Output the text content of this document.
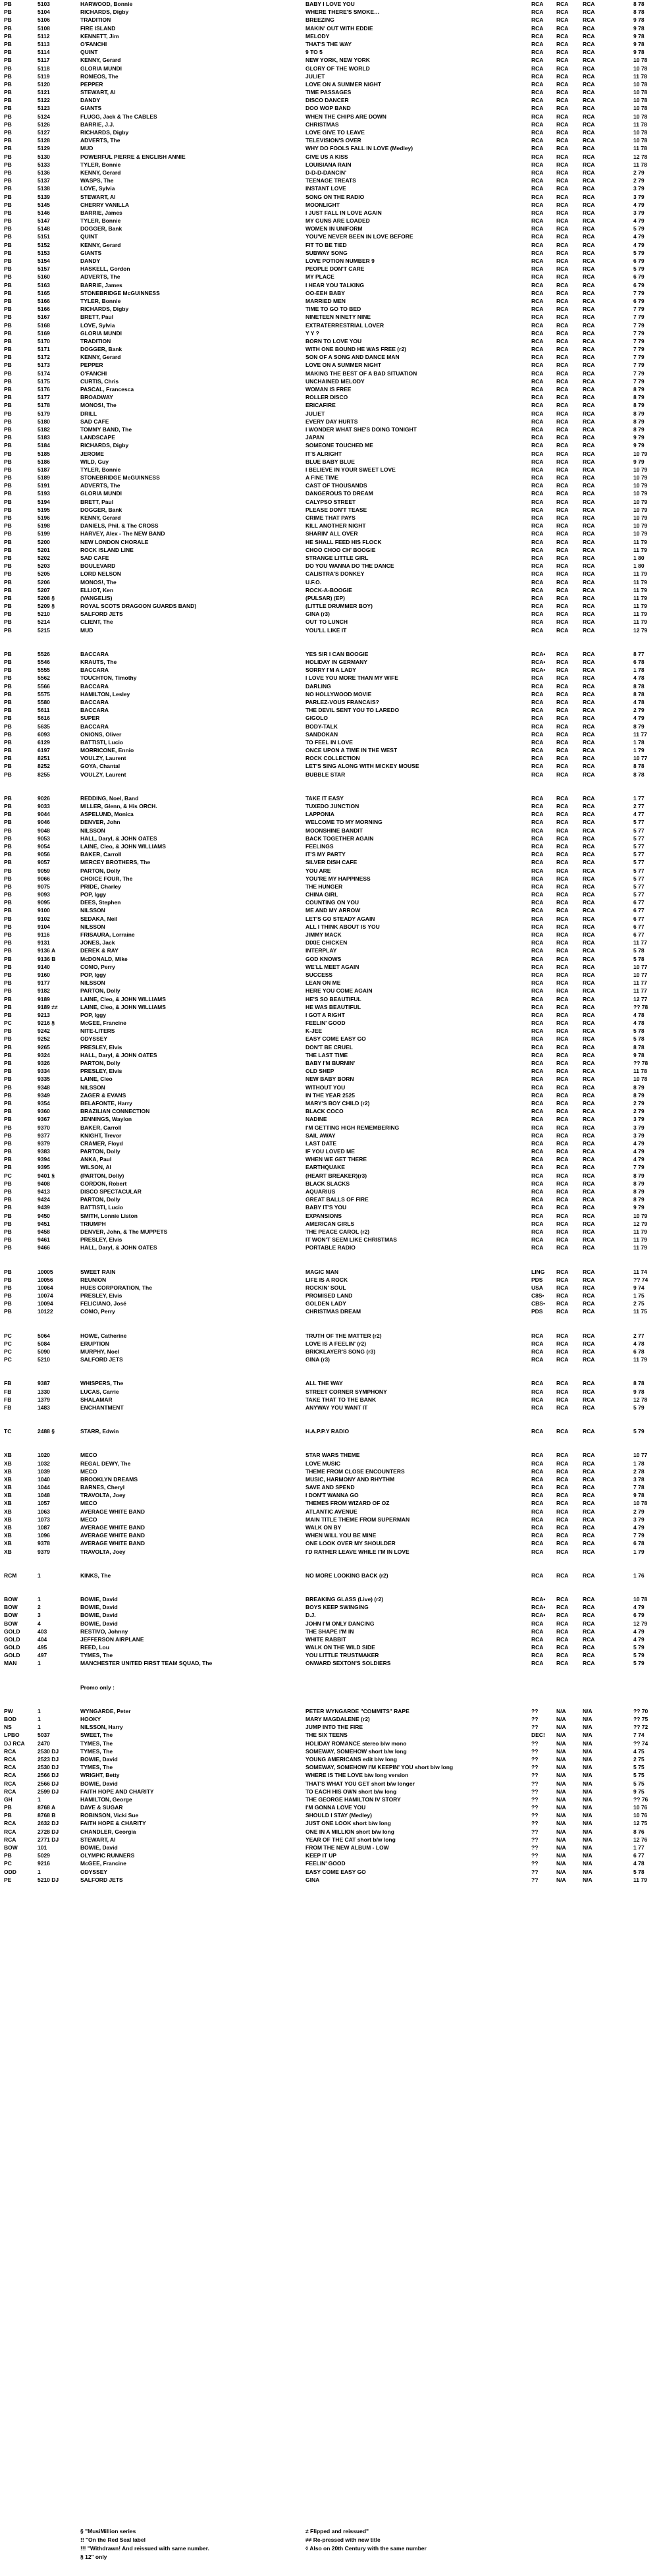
PB	5103	HARWOOD, Bonnie	BABY I LOVE YOU	RCA	RCA	RCA	8 78
PB	5104	RICHARDS, Digby	WHERE THERE'S SMOKE…	RCA	RCA	RCA	8 78
PB	5106	TRADITION	BREEZING	RCA	RCA	RCA	9 78
PB	5108	FIRE ISLAND	MAKIN' OUT WITH EDDIE	RCA	RCA	RCA	9 78
PB	5112	KENNETT, Jim	MELODY	RCA	RCA	RCA	9 78
PB	5113	O'FANCHI	THAT'S THE WAY	RCA	RCA	RCA	9 78
PB	5114	QUINT	9 TO 5	RCA	RCA	RCA	9 78
PB	5117	KENNY, Gerard	NEW YORK, NEW YORK	RCA	RCA	RCA	10 78
PB	5118	GLORIA MUNDI	GLORY OF THE WORLD	RCA	RCA	RCA	10 78
PB	5119	ROMEOS, The	JULIET	RCA	RCA	RCA	11 78
PB	5120	PEPPER	LOVE ON A SUMMER NIGHT	RCA	RCA	RCA	10 78
PB	5121	STEWART, Al	TIME PASSAGES	RCA	RCA	RCA	10 78
PB	5122	DANDY	DISCO DANCER	RCA	RCA	RCA	10 78
PB	5123	GIANTS	DOO WOP BAND	RCA	RCA	RCA	10 78
PB	5124	FLUGG, Jack & The CABLES	WHEN THE CHIPS ARE DOWN	RCA	RCA	RCA	10 78
PB	5126	BARRIE, J.J.	CHRISTMAS	RCA	RCA	RCA	11 78
PB	5127	RICHARDS, Digby	LOVE GIVE TO LEAVE	RCA	RCA	RCA	10 78
PB	5128	ADVERTS, The	TELEVISION'S OVER	RCA	RCA	RCA	10 78
PB	5129	MUD	WHY DO FOOLS FALL IN LOVE (Medley)	RCA	RCA	RCA	11 78
PB	5130	POWERFUL PIERRE & ENGLISH ANNIE	GIVE US A KISS	RCA	RCA	RCA	12 78
PB	5133	TYLER, Bonnie	LOUISIANA RAIN	RCA	RCA	RCA	11 78
PB	5136	KENNY, Gerard	D-D-D-DANCIN'	RCA	RCA	RCA	2 79
PB	5137	WASPS, The	TEENAGE TREATS	RCA	RCA	RCA	2 79
PB	5138	LOVE, Sylvia	INSTANT LOVE	RCA	RCA	RCA	3 79
PB	5139	STEWART, Al	SONG ON THE RADIO	RCA	RCA	RCA	3 79
PB	5145	CHERRY VANILLA	MOONLIGHT	RCA	RCA	RCA	4 79
PB	5146	BARRIE, James	I JUST FALL IN LOVE AGAIN	RCA	RCA	RCA	3 79
PB	5147	TYLER, Bonnie	MY GUNS ARE LOADED	RCA	RCA	RCA	4 79
PB	5148	DOGGER, Bank	WOMEN IN UNIFORM	RCA	RCA	RCA	5 79
PB	5151	QUINT	YOU'VE NEVER BEEN IN LOVE BEFORE	RCA	RCA	RCA	4 79
PB	5152	KENNY, Gerard	FIT TO BE TIED	RCA	RCA	RCA	4 79
PB	5153	GIANTS	SUBWAY SONG	RCA	RCA	RCA	5 79
PB	5154	DANDY	LOVE POTION NUMBER 9	RCA	RCA	RCA	6 79
PB	5157	HASKELL, Gordon	PEOPLE DON'T CARE	RCA	RCA	RCA	5 79
PB	5160	ADVERTS, The	MY PLACE	RCA	RCA	RCA	6 79
PB	5163	BARRIE, James	I HEAR YOU TALKING	RCA	RCA	RCA	6 79
PB	5165	STONEBRIDGE McGUINNESS	OO-EEH BABY	RCA	RCA	RCA	7 79
PB	5166	TYLER, Bonnie	MARRIED MEN	RCA	RCA	RCA	6 79
PB	5166	RICHARDS, Digby	TIME TO GO TO BED	RCA	RCA	RCA	7 79
PB	5167	BRETT, Paul	NINETEEN NINETY NINE	RCA	RCA	RCA	7 79
PB	5168	LOVE, Sylvia	EXTRATERRESTRIAL LOVER	RCA	RCA	RCA	7 79
PB	5169	GLORIA MUNDI	Y Y ?	RCA	RCA	RCA	7 79
PB	5170	TRADITION	BORN TO LOVE YOU	RCA	RCA	RCA	7 79
PB	5171	DOGGER, Bank	WITH ONE BOUND HE WAS FREE (r2)	RCA	RCA	RCA	7 79
PB	5172	KENNY, Gerard	SON OF A SONG AND DANCE MAN	RCA	RCA	RCA	7 79
PB	5173	PEPPER	LOVE ON A SUMMER NIGHT	RCA	RCA	RCA	7 79
PB	5174	O'FANCHI	MAKING THE BEST OF A BAD SITUATION	RCA	RCA	RCA	7 79
PB	5175	CURTIS, Chris	UNCHAINED MELODY	RCA	RCA	RCA	7 79
PB	5176	PASCAL, Francesca	WOMAN IS FREE	RCA	RCA	RCA	8 79
PB	5177	BROADWAY	ROLLER DISCO	RCA	RCA	RCA	8 79
PB	5178	MONOS!, The	ERICAFIRE	RCA	RCA	RCA	8 79
PB	5179	DRILL	JULIET	RCA	RCA	RCA	8 79
PB	5180	SAD CAFE	EVERY DAY HURTS	RCA	RCA	RCA	8 79
PB	5182	TOMMY BAND, The	I WONDER WHAT SHE'S DOING TONIGHT	RCA	RCA	RCA	8 79
PB	5183	LANDSCAPE	JAPAN	RCA	RCA	RCA	9 79
PB	5184	RICHARDS, Digby	SOMEONE TOUCHED ME	RCA	RCA	RCA	9 79
PB	5185	JEROME	IT'S ALRIGHT	RCA	RCA	RCA	10 79
PB	5186	WILD, Guy	BLUE BABY BLUE	RCA	RCA	RCA	9 79
PB	5187	TYLER, Bonnie	I BELIEVE IN YOUR SWEET LOVE	RCA	RCA	RCA	10 79
PB	5189	STONEBRIDGE McGUINNESS	A FINE TIME	RCA	RCA	RCA	10 79
PB	5191	ADVERTS, The	CAST OF THOUSANDS	RCA	RCA	RCA	10 79
PB	5193	GLORIA MUNDI	DANGEROUS TO DREAM	RCA	RCA	RCA	10 79
PB	5194	BRETT, Paul	CALYPSO STREET	RCA	RCA	RCA	10 79
PB	5195	DOGGER, Bank	PLEASE DON'T TEASE	RCA	RCA	RCA	10 79
PB	5196	KENNY, Gerard	CRIME THAT PAYS	RCA	RCA	RCA	10 79
PB	5198	DANIELS, Phil. & The CROSS	KILL ANOTHER NIGHT	RCA	RCA	RCA	10 79
PB	5199	HARVEY, Alex - The NEW BAND	SHARIN' ALL OVER	RCA	RCA	RCA	10 79
PB	5200	NEW LONDON CHORALE	HE SHALL FEED HIS FLOCK	RCA	RCA	RCA	11 79
PB	5201	ROCK ISLAND LINE	CHOO CHOO CH' BOOGIE	RCA	RCA	RCA	11 79
PB	5202	SAD CAFE	STRANGE LITTLE GIRL	RCA	RCA	RCA	1 80
PB	5203	BOULEVARD	DO YOU WANNA DO THE DANCE	RCA	RCA	RCA	1 80
PB	5205	LORD NELSON	CALISTRA'S DONKEY	RCA	RCA	RCA	11 79
PB	5206	MONOS!, The	U.F.O.	RCA	RCA	RCA	11 79
PB	5207	ELLIOT, Ken	ROCK-A-BOOGIE	RCA	RCA	RCA	11 79
PB	5208 §	(VANGELIS)	(PULSAR) (EP)	RCA	RCA	RCA	11 79
PB	5209 §	ROYAL SCOTS DRAGOON GUARDS BAND)	(LITTLE DRUMMER BOY)	RCA	RCA	RCA	11 79
PB	5210	SALFORD JETS	GINA (r3)	RCA	RCA	RCA	11 79
PB	5214	CLIENT, The	OUT TO LUNCH	RCA	RCA	RCA	11 79
PB	5215	MUD	YOU'LL LIKE IT	RCA	RCA	RCA	12 79
PB	5526	BACCARA	YES SIR I CAN BOOGIE	RCA•	RCA	RCA	8 77
PB	5546	KRAUTS, The	HOLIDAY IN GERMANY	RCA•	RCA	RCA	6 78
PB	5555	BACCARA	SORRY I'M A LADY	RCA•	RCA	RCA	1 78
PB	5562	TOUCHTON, Timothy	I LOVE YOU MORE THAN MY WIFE	RCA	RCA	RCA	4 78
PB	5566	BACCARA	DARLING	RCA	RCA	RCA	8 78
PB	5575	HAMILTON, Lesley	NO HOLLYWOOD MOVIE	RCA	RCA	RCA	8 78
PB	5580	BACCARA	PARLEZ-VOUS FRANCAIS?	RCA	RCA	RCA	4 78
PB	5611	BACCARA	THE DEVIL SENT YOU TO LAREDO	RCA	RCA	RCA	2 79
PB	5616	SUPER	GIGOLO	RCA	RCA	RCA	4 79
PB	5635	BACCARA	BODY-TALK	RCA	RCA	RCA	8 79
PB	6093	ONIONS, Oliver	SANDOKAN	RCA	RCA	RCA	11 77
PB	6129	BATTISTI, Lucio	TO FEEL IN LOVE	RCA	RCA	RCA	1 78
PB	6197	MORRICONE, Ennio	ONCE UPON A TIME IN THE WEST	RCA	RCA	RCA	1 79
PB	8251	VOULZY, Laurent	ROCK COLLECTION	RCA	RCA	RCA	10 77
PB	8252	GOYA, Chantal	LET'S SING ALONG WITH MICKEY MOUSE	RCA	RCA	RCA	8 78
PB	8255	VOULZY, Laurent	BUBBLE STAR	RCA	RCA	RCA	8 78
PB	9026	REDDING, Noel, Band	TAKE IT EASY	RCA	RCA	RCA	1 77
PB	9033	MILLER, Glenn, & His ORCH.	TUXEDO JUNCTION	RCA	RCA	RCA	2 77
PB	9044	ASPELUND, Monica	LAPPONIA	RCA	RCA	RCA	4 77
PB	9046	DENVER, John	WELCOME TO MY MORNING	RCA	RCA	RCA	5 77
PB	9048	NILSSON	MOONSHINE BANDIT	RCA	RCA	RCA	5 77
PB	9053	HALL, Daryl, & JOHN OATES	BACK TOGETHER AGAIN	RCA	RCA	RCA	5 77
PB	9054	LAINE, Cleo, & JOHN WILLIAMS	FEELINGS	RCA	RCA	RCA	5 77
PB	9056	BAKER, Carroll	IT'S MY PARTY	RCA	RCA	RCA	5 77
PB	9057	MERCEY BROTHERS, The	SILVER DISH CAFE	RCA	RCA	RCA	5 77
PB	9059	PARTON, Dolly	YOU ARE	RCA	RCA	RCA	5 77
PB	9066	CHOICE FOUR, The	YOU'RE MY HAPPINESS	RCA	RCA	RCA	5 77
PB	9075	PRIDE, Charley	THE HUNGER	RCA	RCA	RCA	5 77
PB	9093	POP, Iggy	CHINA GIRL	RCA	RCA	RCA	5 77
PB	9095	DEES, Stephen	COUNTING ON YOU	RCA	RCA	RCA	6 77
PB	9100	NILSSON	ME AND MY ARROW	RCA	RCA	RCA	6 77
PB	9102	SEDAKA, Neil	LET'S GO STEADY AGAIN	RCA	RCA	RCA	6 77
PB	9104	NILSSON	ALL I THINK ABOUT IS YOU	RCA	RCA	RCA	6 77
PB	9116	FRISAURA, Lorraine	JIMMY MACK	RCA	RCA	RCA	6 77
PB	9131	JONES, Jack	DIXIE CHICKEN	RCA	RCA	RCA	11 77
PB	9136 A	DEREK & RAY	INTERPLAY	RCA	RCA	RCA	5 78
PB	9136 B	McDONALD, Mike	GOD KNOWS	RCA	RCA	RCA	5 78
PB	9140	COMO, Perry	WE'LL MEET AGAIN	RCA	RCA	RCA	10 77
PB	9160	POP, Iggy	SUCCESS	RCA	RCA	RCA	10 77
PB	9177	NILSSON	LEAN ON ME	RCA	RCA	RCA	11 77
PB	9182	PARTON, Dolly	HERE YOU COME AGAIN	RCA	RCA	RCA	11 77
PB	9189	LAINE, Cleo, & JOHN WILLIAMS	HE'S SO BEAUTIFUL	RCA	RCA	RCA	12 77
PB	9189 ≠≠	LAINE, Cleo, & JOHN WILLIAMS	HE WAS BEAUTIFUL	RCA	RCA	RCA	?? 78
PB	9213	POP, Iggy	I GOT A RIGHT	RCA	RCA	RCA	4 78
PC	9216 §	McGEE, Francine	FEELIN' GOOD	RCA	RCA	RCA	4 78
PB	9242	NITE-LITERS	K-JEE	RCA	RCA	RCA	5 78
PB	9252	ODYSSEY	EASY COME EASY GO	RCA	RCA	RCA	5 78
PB	9265	PRESLEY, Elvis	DON'T BE CRUEL	RCA	RCA	RCA	8 78
PB	9324	HALL, Daryl, & JOHN OATES	THE LAST TIME	RCA	RCA	RCA	9 78
PB	9326	PARTON, Dolly	BABY I'M BURNIN'	RCA	RCA	RCA	?? 78
PB	9334	PRESLEY, Elvis	OLD SHEP	RCA	RCA	RCA	11 78
PB	9335	LAINE, Cleo	NEW BABY BORN	RCA	RCA	RCA	10 78
PB	9348	NILSSON	WITHOUT YOU	RCA	RCA	RCA	8 79
PB	9349	ZAGER & EVANS	IN THE YEAR 2525	RCA	RCA	RCA	8 79
PB	9354	BELAFONTE, Harry	MARY'S BOY CHILD (r2)	RCA	RCA	RCA	2 79
PB	9360	BRAZILIAN CONNECTION	BLACK COCO	RCA	RCA	RCA	2 79
PB	9367	JENNINGS, Waylon	NADINE	RCA	RCA	RCA	3 79
PB	9370	BAKER, Carroll	I'M GETTING HIGH REMEMBERING	RCA	RCA	RCA	3 79
PB	9377	KNIGHT, Trevor	SAIL AWAY	RCA	RCA	RCA	3 79
PB	9379	CRAMER, Floyd	LAST DATE	RCA	RCA	RCA	4 79
PB	9383	PARTON, Dolly	IF YOU LOVED ME	RCA	RCA	RCA	4 79
PB	9394	ANKA, Paul	WHEN WE GET THERE	RCA	RCA	RCA	4 79
PB	9395	WILSON, Al	EARTHQUAKE	RCA	RCA	RCA	7 79
PC	9401 §	(PARTON, Dolly)	(HEART BREAKER)(r3)	RCA	RCA	RCA	8 79
PB	9408	GORDON, Robert	BLACK SLACKS	RCA	RCA	RCA	8 79
PB	9413	DISCO SPECTACULAR	AQUARIUS	RCA	RCA	RCA	8 79
PB	9424	PARTON, Dolly	GREAT BALLS OF FIRE	RCA	RCA	RCA	8 79
PB	9439	BATTISTI, Lucio	BABY IT'S YOU	RCA	RCA	RCA	9 79
PB	9450	SMITH, Lonnie Liston	EXPANSIONS	RCA	RCA	RCA	10 79
PB	9451	TRIUMPH	AMERICAN GIRLS	RCA	RCA	RCA	12 79
PB	9458	DENVER, John, & The MUPPETS	THE PEACE CAROL (r2)	RCA	RCA	RCA	11 79
PB	9461	PRESLEY, Elvis	IT WON'T SEEM LIKE CHRISTMAS	RCA	RCA	RCA	11 79
PB	9466	HALL, Daryl, & JOHN OATES	PORTABLE RADIO	RCA	RCA	RCA	11 79
PB	10005	SWEET RAIN	MAGIC MAN	LING	RCA	RCA	11 74
PB	10056	REUNION	LIFE IS A ROCK	PDS	RCA	RCA	?? 74
PB	10064	HUES CORPORATION, The	ROCKIN' SOUL	USA	RCA	RCA	9 74
PB	10074	PRESLEY, Elvis	PROMISED LAND	C8S•	RCA	RCA	1 75
PB	10094	FELICIANO, José	GOLDEN LADY	CBS•	RCA	RCA	2 75
PB	10122	COMO, Perry	CHRISTMAS DREAM	PDS	RCA	RCA	11 75
PC	5064	HOWE, Catherine	TRUTH OF THE MATTER (r2)	RCA	RCA	RCA	2 77
PC	5084	ERUPTION	LOVE IS A FEELIN' (r2)	RCA	RCA	RCA	4 78
PC	5090	MURPHY, Noel	BRICKLAYER'S SONG (r3)	RCA	RCA	RCA	6 78
PC	5210	SALFORD JETS	GINA (r3)	RCA	RCA	RCA	11 79
FB	9387	WHISPERS, The	ALL THE WAY	RCA	RCA	RCA	8 78
FB	1330	LUCAS, Carrie	STREET CORNER SYMPHONY	RCA	RCA	RCA	9 78
FB	1379	SHALAMAR	TAKE THAT TO THE BANK	RCA	RCA	RCA	12 78
FB	1483	ENCHANTMENT	ANYWAY YOU WANT IT	RCA	RCA	RCA	5 79
TC	2488 §	STARR, Edwin	H.A.P.P.Y RADIO	RCA	RCA	RCA	5 79
XB	1020	MECO	STAR WARS THEME	RCA	RCA	RCA	10 77
XB	1032	REGAL DEWY, The	LOVE MUSIC	RCA	RCA	RCA	1 78
XB	1039	MECO	THEME FROM CLOSE ENCOUNTERS	RCA	RCA	RCA	2 78
XB	1040	BROOKLYN DREAMS	MUSIC, HARMONY AND RHYTHM	RCA	RCA	RCA	3 78
XB	1044	BARNES, Cheryl	SAVE AND SPEND	RCA	RCA	RCA	7 78
XB	1048	TRAVOLTA, Joey	I DON'T WANNA GO	RCA	RCA	RCA	9 78
XB	1057	MECO	THEMES FROM WIZARD OF OZ	RCA	RCA	RCA	10 78
XB	1063	AVERAGE WHITE BAND	ATLANTIC AVENUE	RCA	RCA	RCA	2 79
XB	1073	MECO	MAIN TITLE THEME FROM SUPERMAN	RCA	RCA	RCA	3 79
XB	1087	AVERAGE WHITE BAND	WALK ON BY	RCA	RCA	RCA	4 79
XB	1096	AVERAGE WHITE BAND	WHEN WILL YOU BE MINE	RCA	RCA	RCA	7 79
XB	9378	AVERAGE WHITE BAND	ONE LOOK OVER MY SHOULDER	RCA	RCA	RCA	6 78
XB	9379	TRAVOLTA, Joey	I'D RATHER LEAVE WHILE I'M IN LOVE	RCA	RCA	RCA	1 79
RCM	1	KINKS, The	NO MORE LOOKING BACK (r2)	RCA	RCA	RCA	1 76
BOW	1	BOWIE, David	BREAKING GLASS (Live) (r2)	RCA•	RCA	RCA	10 78
BOW	2	BOWIE, David	BOYS KEEP SWINGING	RCA•	RCA	RCA	4 79
BOW	3	BOWIE, David	D.J.	RCA•	RCA	RCA	6 79
BOW	4	BOWIE, David	JOHN I'M ONLY DANCING	RCA	RCA	RCA	12 79
GOLD	403	RESTIVO, Johnny	THE SHAPE I'M IN	RCA	RCA	RCA	4 79
GOLD	404	JEFFERSON AIRPLANE	WHITE RABBIT	RCA	RCA	RCA	4 79
GOLD	495	REED, Lou	WALK ON THE WILD SIDE	RCA	RCA	RCA	5 79
GOLD	497	TYMES, The	YOU LITTLE TRUSTMAKER	RCA	RCA	RCA	5 79
MAN	1	MANCHESTER UNITED FIRST TEAM SQUAD, The	ONWARD SEXTON'S SOLDIERS	RCA	RCA	RCA	5 79
Promo only :
PW	1	WYNGARDE, Peter	PETER WYNGARDE "COMMITS" RAPE	??	N/A	N/A	?? 70
BOD	1	HOOKY	MARY MAGDALENE (r2)	??	N/A	N/A	?? 75
NS	1	NILSSON, Harry	JUMP INTO THE FIRE	??	N/A	N/A	?? 72
LPBO	5037	SWEET, The	THE SIX TEENS	DEC!	N/A	N/A	7 74
DJ RCA	2470	TYMES, The	HOLIDAY ROMANCE stereo b/w mono	??	N/A	N/A	?? 74
RCA	2530 DJ	TYMES, The	SOMEWAY, SOMEHOW short b/w long	??	N/A	N/A	4 75
RCA	2523 DJ	BOWIE, David	YOUNG AMERICANS edit b/w long	??	N/A	N/A	2 75
RCA	2530 DJ	TYMES, The	SOMEWAY, SOMEHOW I'M KEEPIN' YOU short b/w long	??	N/A	N/A	5 75
RCA	2566 DJ	WRIGHT, Betty	WHERE IS THE LOVE b/w long version	??	N/A	N/A	5 75
RCA	2566 DJ	BOWIE, David	THAT'S WHAT YOU GET short b/w longer	??	N/A	N/A	5 75
RCA	2599 DJ	FAITH HOPE AND CHARITY	TO EACH HIS OWN short b/w long	??	N/A	N/A	9 75
GH	1	HAMILTON, George	THE GEORGE HAMILTON IV STORY	??	N/A	N/A	?? 76
PB	8768 A	DAVE & SUGAR	I'M GONNA LOVE YOU	??	N/A	N/A	10 76
PB	8768 B	ROBINSON, Vicki Sue	SHOULD I STAY (Medley)	??	N/A	N/A	10 76
RCA	2632 DJ	FAITH HOPE & CHARITY	JUST ONE LOOK short b/w long	??	N/A	N/A	12 75
RCA	2728 DJ	CHANDLER, Georgia	ONE IN A MILLION short b/w long	??	N/A	N/A	8 76
RCA	2771 DJ	STEWART, Al	YEAR OF THE CAT short b/w long	??	N/A	N/A	12 76
BOW	101	BOWIE, David	FROM THE NEW ALBUM - LOW	??	N/A	N/A	1 77
PB	5029	OLYMPIC RUNNERS	KEEP IT UP	??	N/A	N/A	6 77
PC	9216	McGEE, Francine	FEELIN' GOOD	??	N/A	N/A	4 78
ODD	1	ODYSSEY	EASY COME EASY GO	??	N/A	N/A	5 78
PE	5210 DJ	SALFORD JETS	GINA	??	N/A	N/A	11 79
§ "MusiMillion series
!! "On the Red Seal label
!!! "Withdrawn! And reissued with same number.
§ 12" only
≠ Flipped and reissued"
≠≠ Re-pressed with new title
◊ Also on 20th Century with the same number
